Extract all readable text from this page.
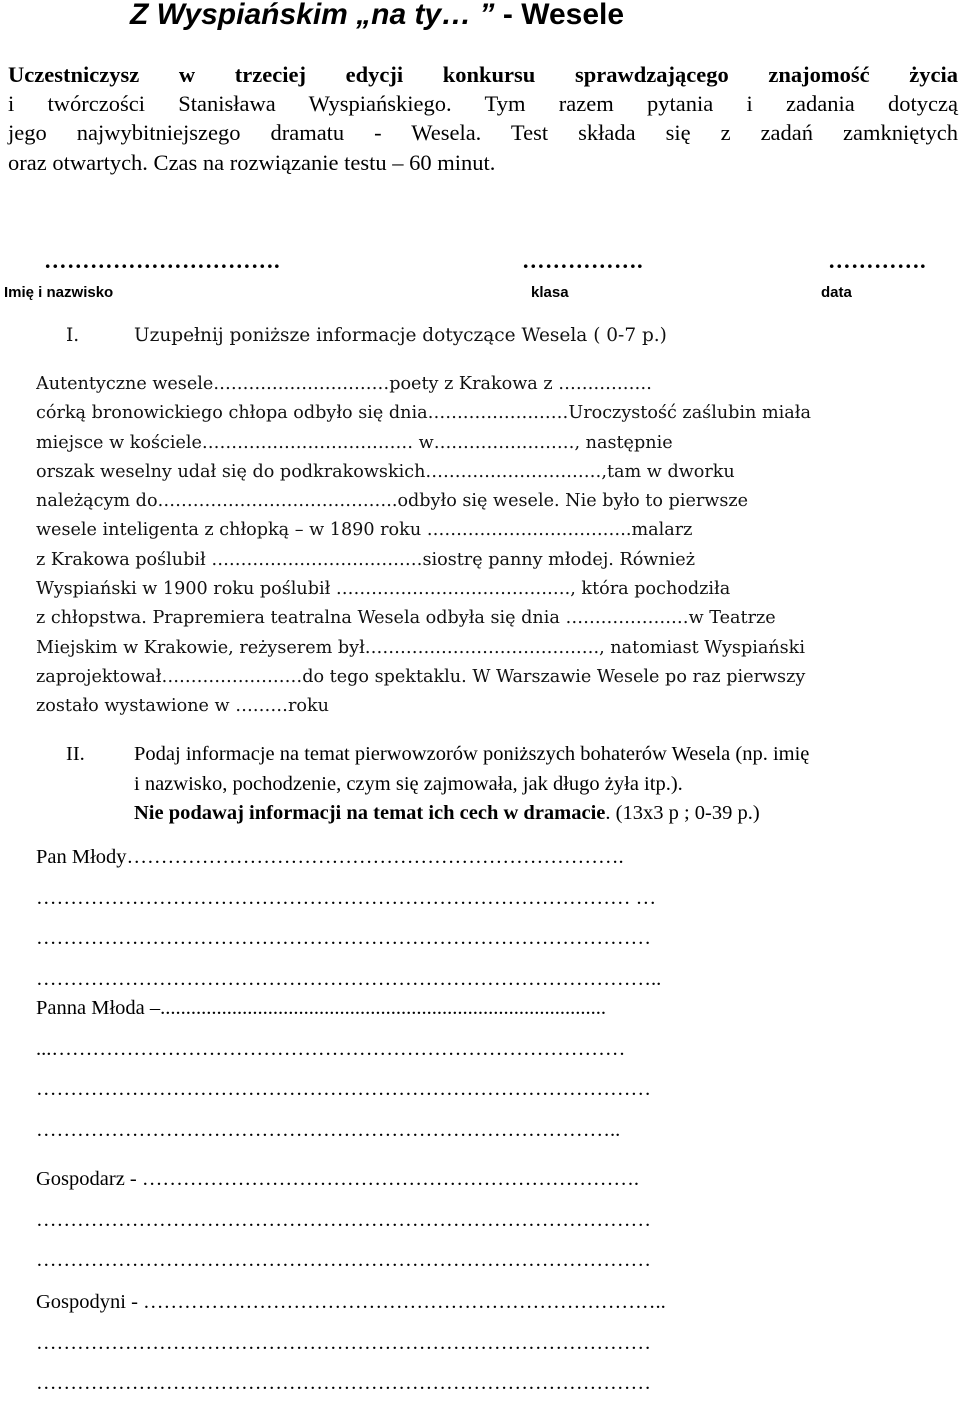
Z Wyspiańskim „na ty… ” - Wesele
Uczestniczysz w trzeciej edycji konkursu sprawdzającego znajomość życia
i twórczości Stanisława Wyspiańskiego. Tym razem pytania i zadania dotyczą
jego najwybitniejszego dramatu - Wesela. Test składa się z zadań zamkniętych
oraz otwartych. Czas na rozwiązanie testu – 60 minut.
………………………….	…………….	………….
Imię i nazwisko	klasa	data
I.	Uzupełnij poniższe informacje dotyczące Wesela ( 0-7 p.)
Autentyczne wesele…………………………poety z Krakowa z …………….
córką bronowickiego chłopa odbyło się dnia……………………Uroczystość zaślubin miała
miejsce w kościele……………………………… w……………………, następnie
orszak weselny udał się do podkrakowskich…………………………,tam w dworku
należącym do…………………………………..odbyło się wesele. Nie było to pierwsze
wesele inteligenta z chłopką – w 1890 roku ……………………………..malarz
z Krakowa poślubił ………………………………siostrę panny młodej. Również
Wyspiański w 1900 roku poślubił …………………………………., która pochodziła
z chłopstwa. Prapremiera teatralna Wesela odbyła się dnia …………………w Teatrze
Miejskim w Krakowie, reżyserem był…………………………………., natomiast Wyspiański
zaprojektował……………………do tego spektaklu. W Warszawie Wesele po raz pierwszy
zostało wystawione w ………roku
II. Podaj informacje na temat pierwowzorów poniższych bohaterów Wesela (np. imię
i nazwisko, pochodzenie, czym się zajmowała, jak długo żyła itp.).
Nie podawaj informacji na temat ich cech w dramacie. (13x3 p ; 0-39 p.)
Pan Młody……………………………………………………………….
…………………………………………………………………………… …
………………………………………………………………………………
………………………………………………………………………………..
Panna Młoda –.......................................................................................
...…………………………………………………………………………
………………………………………………………………………………
…………………………………………………………………………..
Gospodarz - ……………………………………………………………….
………………………………………………………………………………
………………………………………………………………………………
Gospodyni - …………………………………………………………………..
………………………………………………………………………………
………………………………………………………………………………
